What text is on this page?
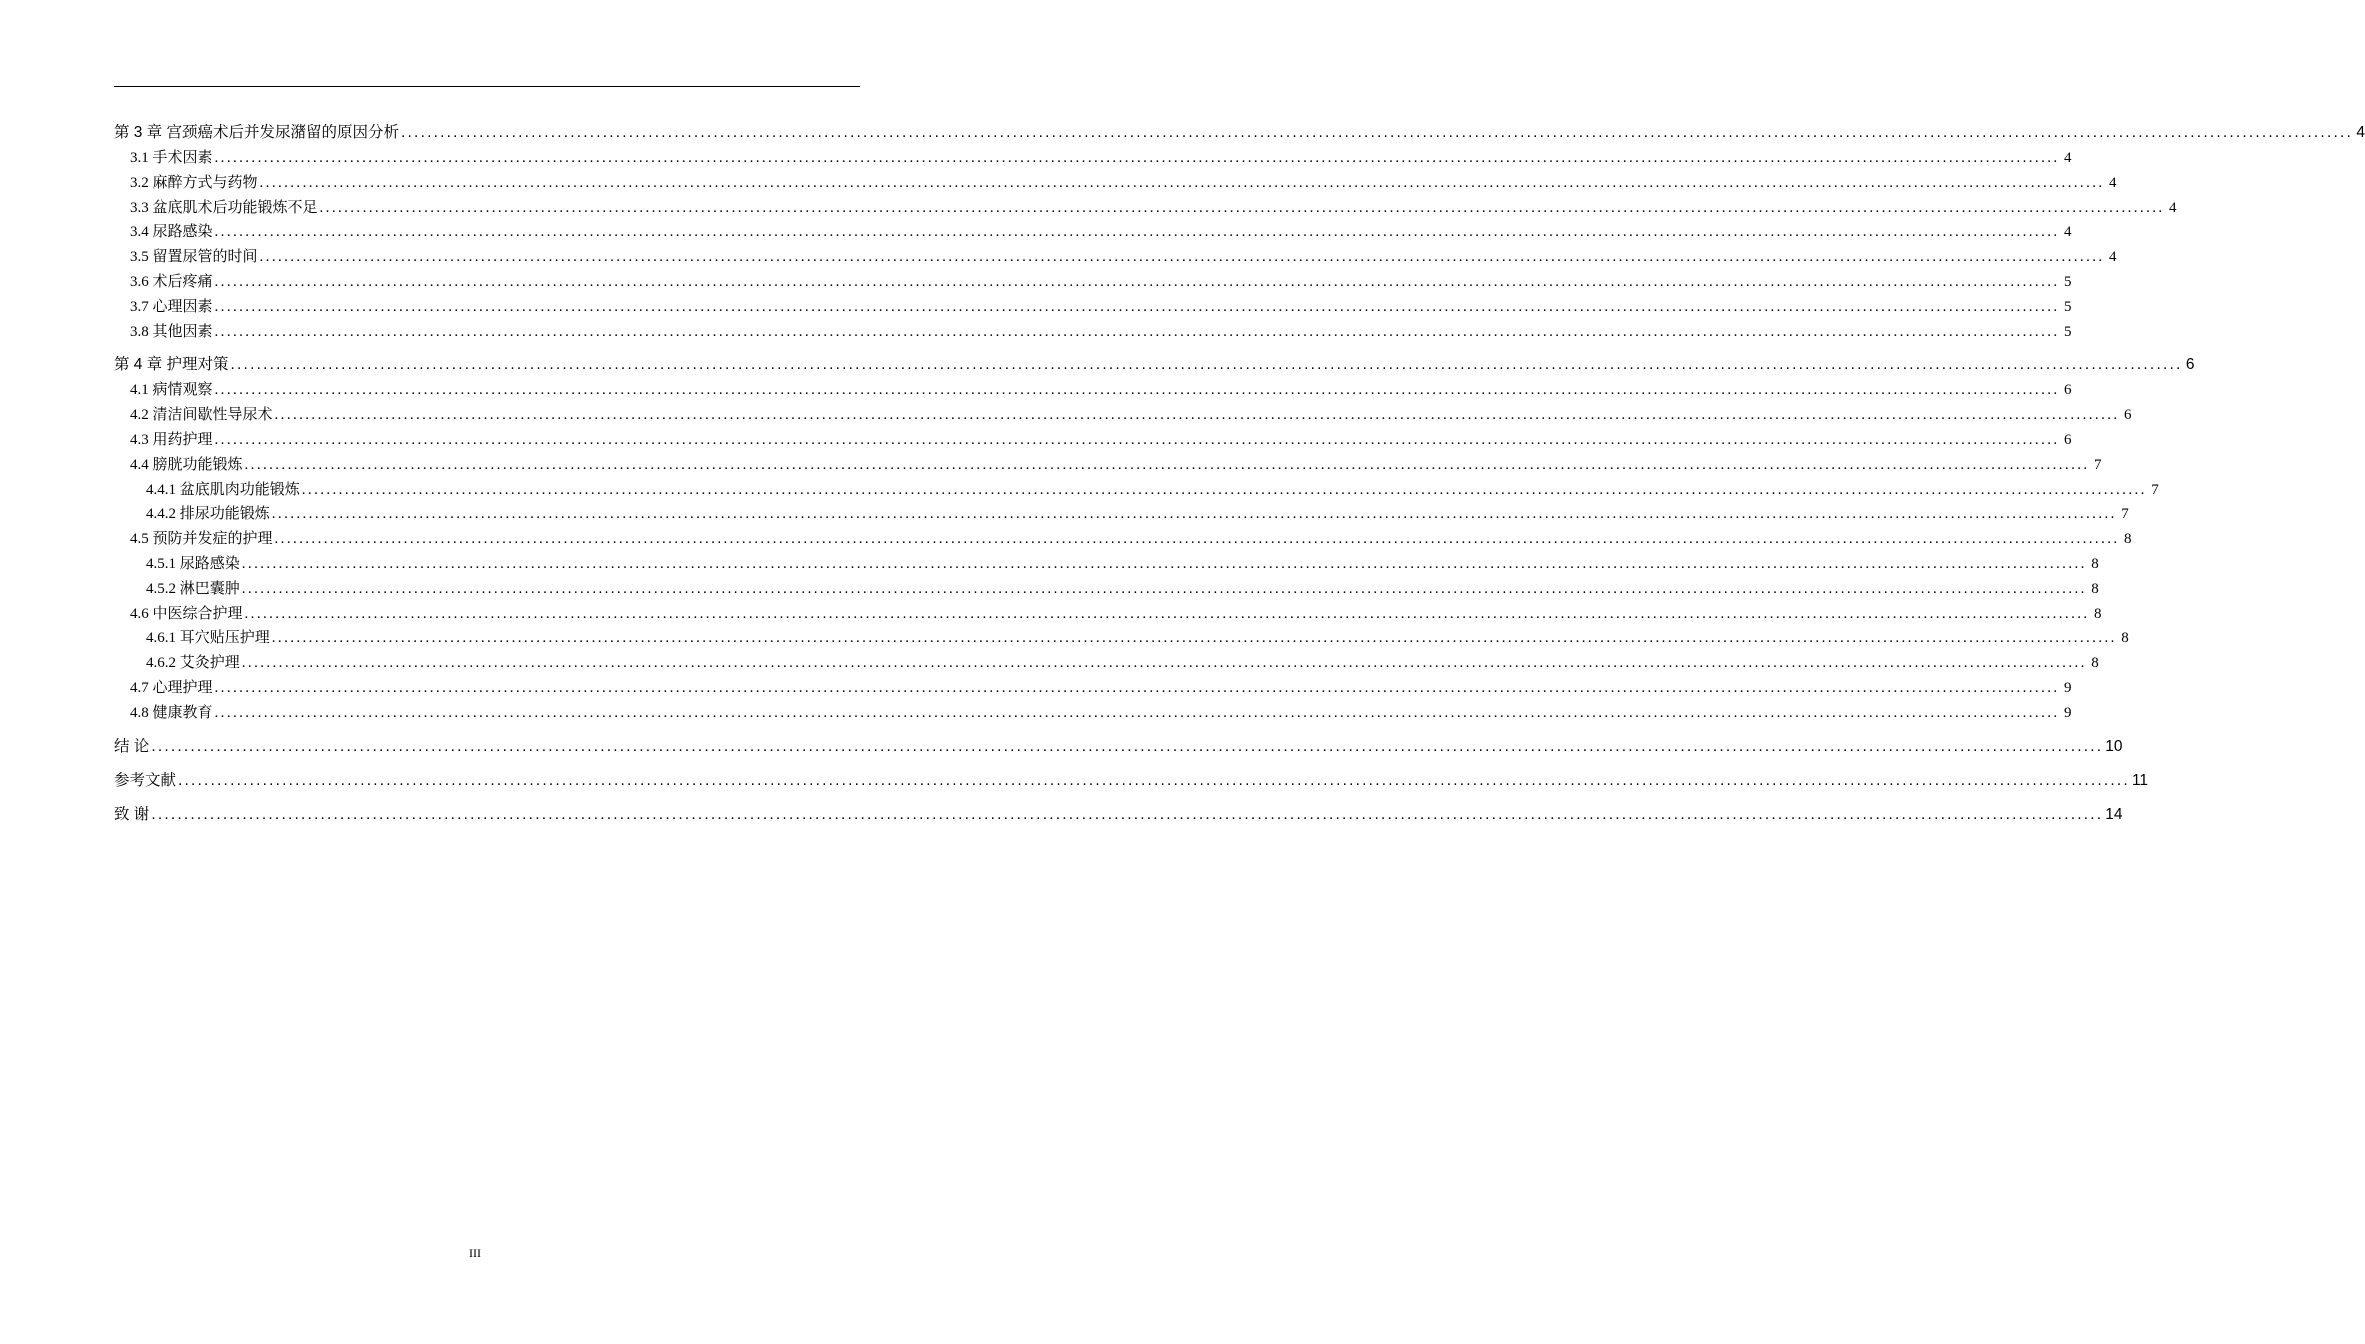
第 3 章 宫颈癌术后并发尿潴留的原因分析 ............................................................................................................................................................................................................................................................................................................ 4
3.1 手术因素 ............................................................................................................................................................................................................................................................................................................ 4
3.2 麻醉方式与药物 ............................................................................................................................................................................................................................................................................................................ 4
3.3 盆底肌术后功能锻炼不足 ............................................................................................................................................................................................................................................................................................................ 4
3.4 尿路感染 ............................................................................................................................................................................................................................................................................................................ 4
3.5 留置尿管的时间 ............................................................................................................................................................................................................................................................................................................ 4
3.6 术后疼痛 ............................................................................................................................................................................................................................................................................................................ 5
3.7 心理因素 ............................................................................................................................................................................................................................................................................................................ 5
3.8 其他因素 ............................................................................................................................................................................................................................................................................................................ 5
第 4 章 护理对策 ............................................................................................................................................................................................................................................................................................................ 6
4.1 病情观察 ............................................................................................................................................................................................................................................................................................................ 6
4.2 清洁间歇性导尿术 ............................................................................................................................................................................................................................................................................................................ 6
4.3 用药护理 ............................................................................................................................................................................................................................................................................................................ 6
4.4 膀胱功能锻炼 ............................................................................................................................................................................................................................................................................................................ 7
4.4.1 盆底肌肉功能锻炼 ............................................................................................................................................................................................................................................................................................................ 7
4.4.2 排尿功能锻炼 ............................................................................................................................................................................................................................................................................................................ 7
4.5 预防并发症的护理 ............................................................................................................................................................................................................................................................................................................ 8
4.5.1 尿路感染 ............................................................................................................................................................................................................................................................................................................ 8
4.5.2 淋巴囊肿 ............................................................................................................................................................................................................................................................................................................ 8
4.6 中医综合护理 ............................................................................................................................................................................................................................................................................................................ 8
4.6.1 耳穴贴压护理 ............................................................................................................................................................................................................................................................................................................ 8
4.6.2 艾灸护理 ............................................................................................................................................................................................................................................................................................................ 8
4.7 心理护理 ............................................................................................................................................................................................................................................................................................................ 9
4.8 健康教育 ............................................................................................................................................................................................................................................................................................................ 9
结 论 ............................................................................................................................................................................................................................................................................................................ 10
参考文献 ............................................................................................................................................................................................................................................................................................................ 11
致 谢 ............................................................................................................................................................................................................................................................................................................ 14
III
